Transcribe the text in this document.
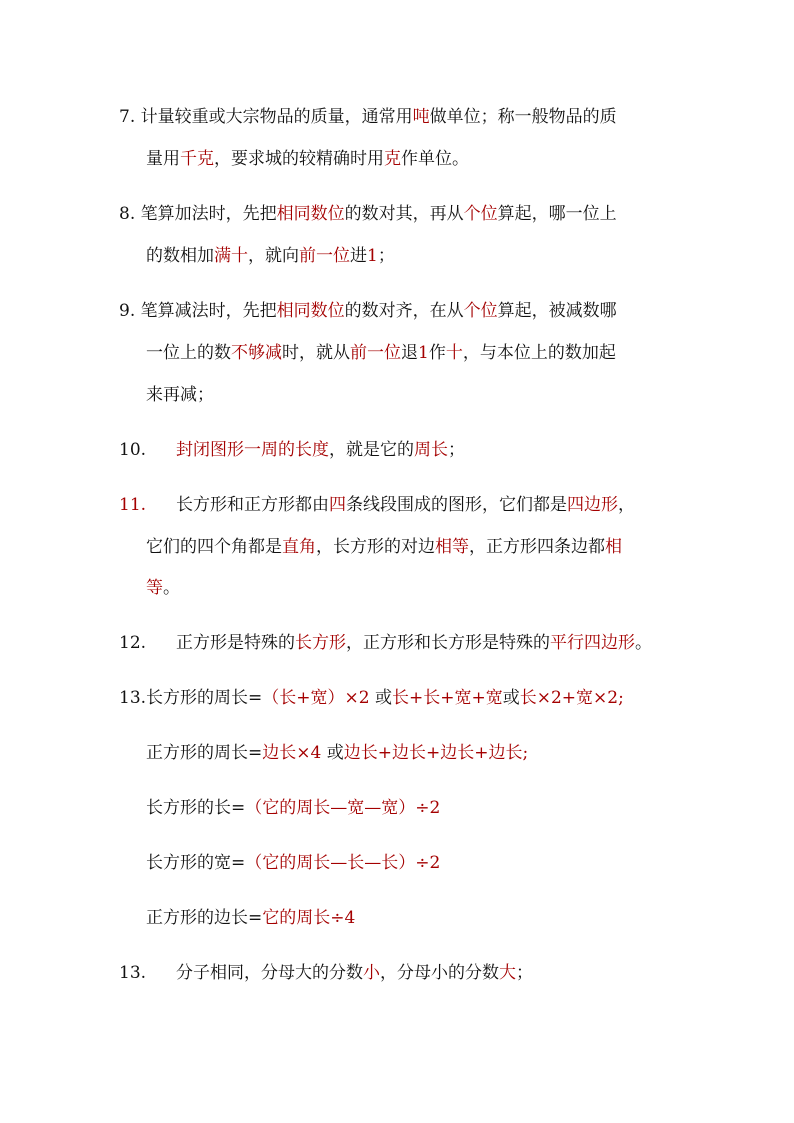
7. 计量较重或大宗物品的质量，通常用吨做单位；称一般物品的质
量用千克，要求城的较精确时用克作单位。
8. 笔算加法时，先把相同数位的数对其，再从个位算起，哪一位上
的数相加满十，就向前一位进1；
9. 笔算减法时，先把相同数位的数对齐，在从个位算起，被减数哪
一位上的数不够减时，就从前一位退1作十，与本位上的数加起
来再减；
10. 封闭图形一周的长度，就是它的周长；
11. 长方形和正方形都由四条线段围成的图形，它们都是四边形，
它们的四个角都是直角，长方形的对边相等，正方形四条边都相
等。
12. 正方形是特殊的长方形，正方形和长方形是特殊的平行四边形。
13.长方形的周长=（长+宽）×2 或长+长+宽+宽或长×2+宽×2;
正方形的周长=边长×4 或边长+边长+边长+边长;
长方形的长=（它的周长—宽—宽）÷2
长方形的宽=（它的周长—长—长）÷2
正方形的边长=它的周长÷4
13. 分子相同，分母大的分数小，分母小的分数大；
